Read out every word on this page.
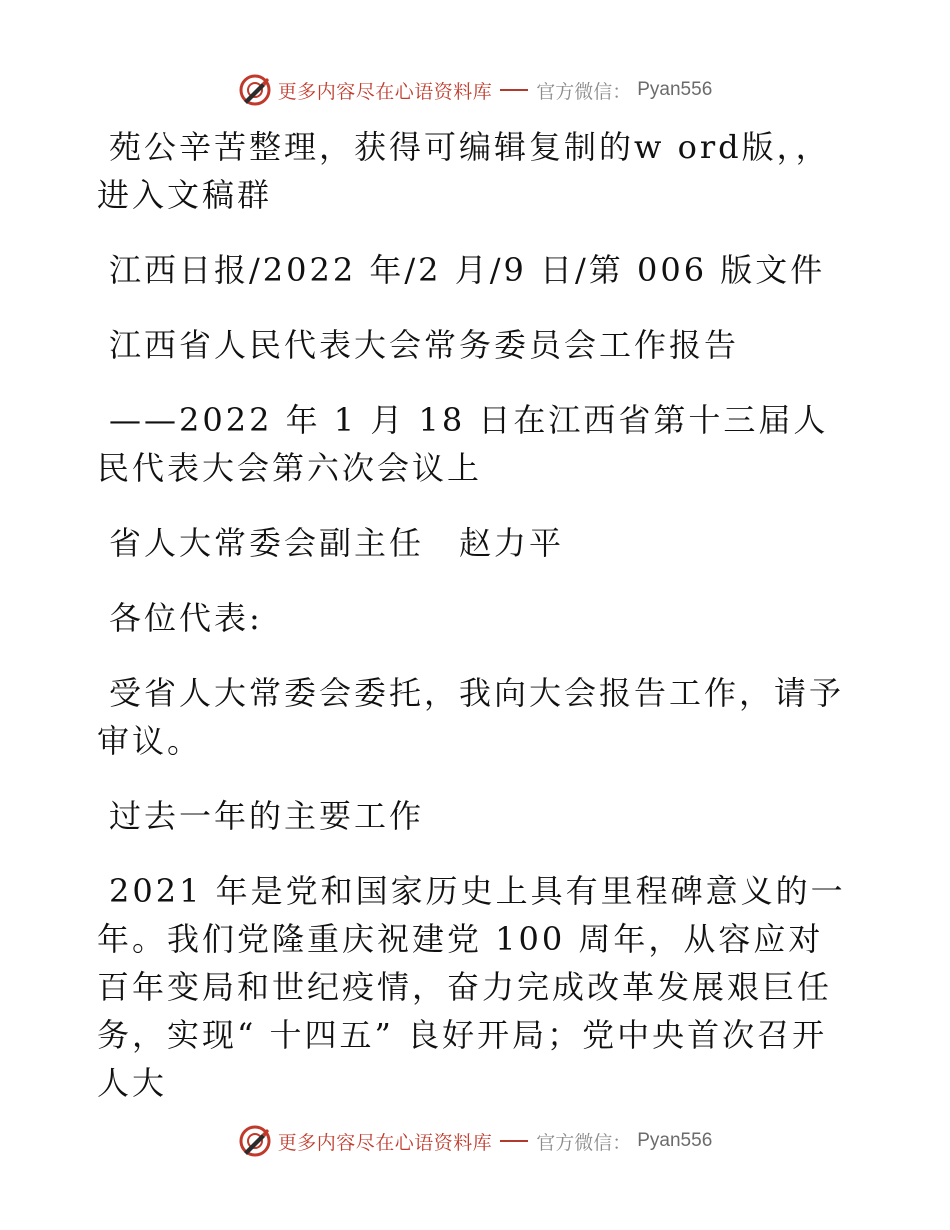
更多内容尽在心语资料库 官方微信： Pyan556

苑公辛苦整理，获得可编辑复制的w ord版，，进入文稿群

江西日报/2022 年/2 月/9 日/第 006 版文件

江西省人民代表大会常务委员会工作报告

——2022 年 1 月 18 日在江西省第十三届人民代表大会第六次会议上

省人大常委会副主任　赵力平

各位代表:

受省人大常委会委托，我向大会报告工作，请予审议。

过去一年的主要工作

2021 年是党和国家历史上具有里程碑意义的一年。我们党隆重庆祝建党 100 周年，从容应对百年变局和世纪疫情，奋力完成改革发展艰巨任务，实现“ 十四五” 良好开局；党中央首次召开人大

更多内容尽在心语资料库 官方微信： Pyan556
